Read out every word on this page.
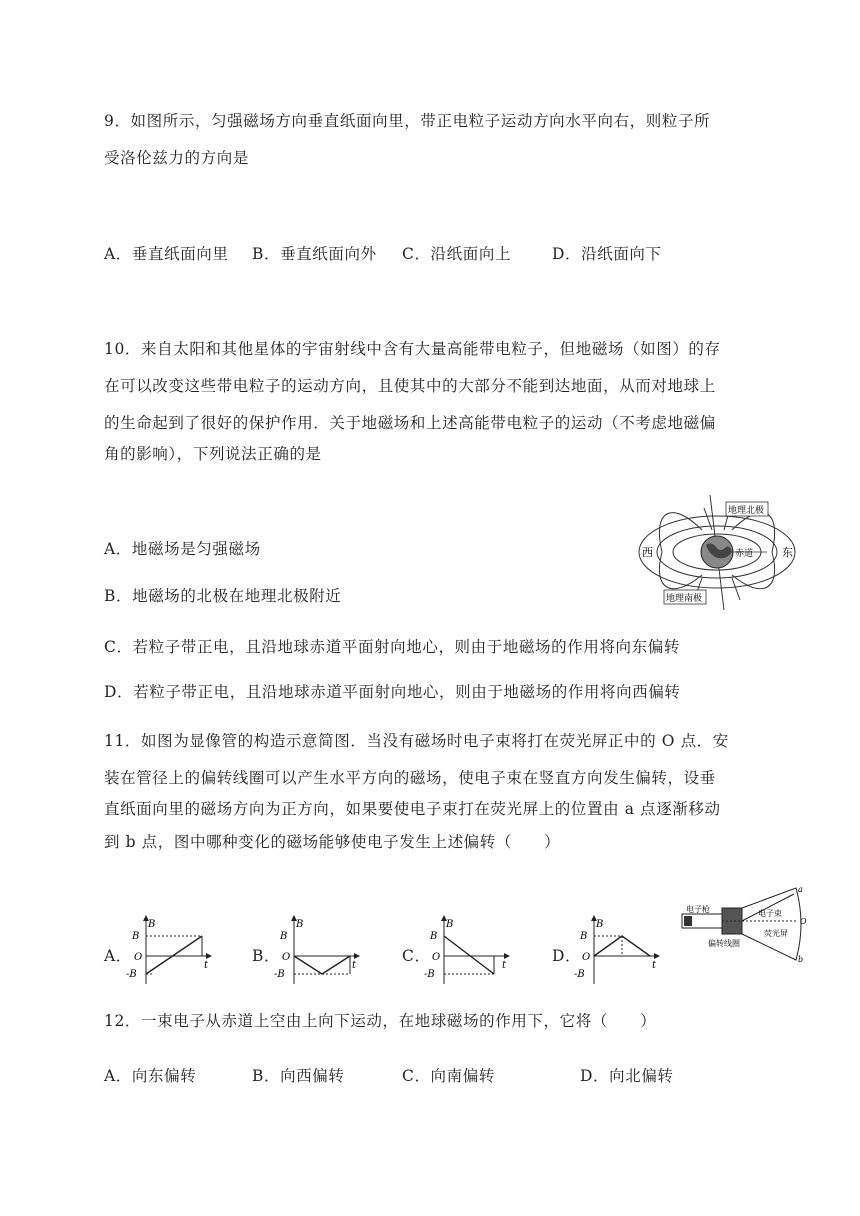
9．如图所示，匀强磁场方向垂直纸面向里，带正电粒子运动方向水平向右，则粒子所
受洛伦兹力的方向是
A．垂直纸面向里 B．垂直纸面向外 C．沿纸面向上	D．沿纸面向下
10．来自太阳和其他星体的宇宙射线中含有大量高能带电粒子，但地磁场（如图）的存
在可以改变这些带电粒子的运动方向，且使其中的大部分不能到达地面，从而对地球上
的生命起到了很好的保护作用．关于地磁场和上述高能带电粒子的运动（不考虑地磁偏
角的影响），下列说法正确的是
A．地磁场是匀强磁场
B．地磁场的北极在地理北极附近
C．若粒子带正电，且沿地球赤道平面射向地心，则由于地磁场的作用将向东偏转
D．若粒子带正电，且沿地球赤道平面射向地心，则由于地磁场的作用将向西偏转
地理北极
地理南极
赤道
西	东
11．如图为显像管的构造示意简图．当没有磁场时电子束将打在荧光屏正中的 O 点．安
装在管径上的偏转线圈可以产生水平方向的磁场，使电子束在竖直方向发生偏转，设垂
直纸面向里的磁场方向为正方向，如果要使电子束打在荧光屏上的位置由 a 点逐渐移动
到 b 点，图中哪种变化的磁场能够使电子发生上述偏转（　　）
A．	B．	C．	D．
B
t
B
O
-B
B
t
B
O
-B
B
t
B
O
-B
B
t
B
O
-B
电子枪	电子束
荧光屏
偏转线圈
a
O
b
12．一束电子从赤道上空由上向下运动，在地球磁场的作用下，它将（　　）
A．向东偏转	B．向西偏转	C．向南偏转	D．向北偏转
